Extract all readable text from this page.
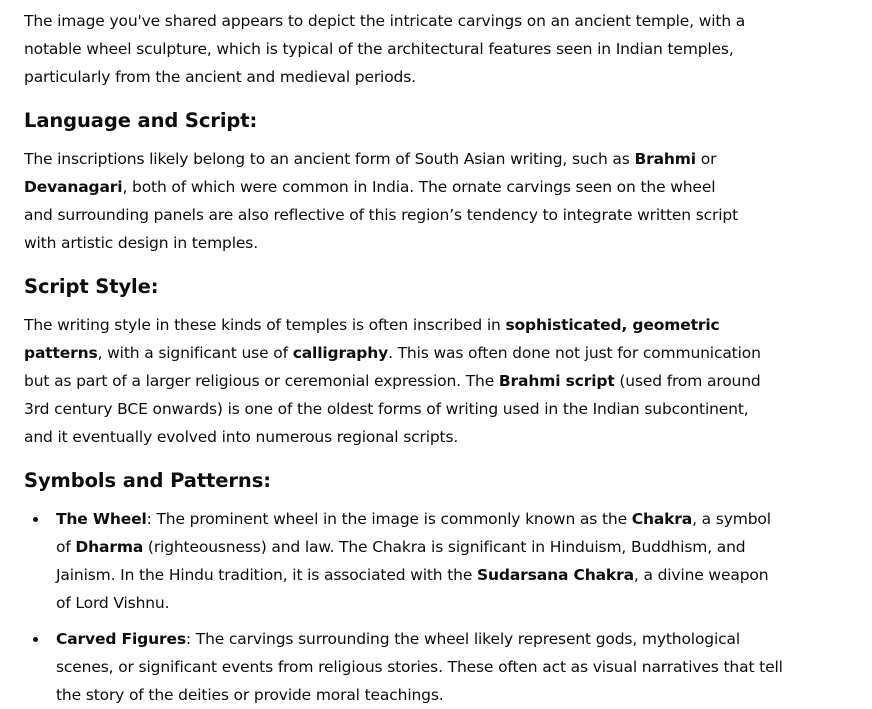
The image you've shared appears to depict the intricate carvings on an ancient temple, with a notable wheel sculpture, which is typical of the architectural features seen in Indian temples, particularly from the ancient and medieval periods.

Language and Script:

The inscriptions likely belong to an ancient form of South Asian writing, such as Brahmi or Devanagari, both of which were common in India. The ornate carvings seen on the wheel and surrounding panels are also reflective of this region’s tendency to integrate written script with artistic design in temples.

Script Style:

The writing style in these kinds of temples is often inscribed in sophisticated, geometric patterns, with a significant use of calligraphy. This was often done not just for communication but as part of a larger religious or ceremonial expression. The Brahmi script (used from around 3rd century BCE onwards) is one of the oldest forms of writing used in the Indian subcontinent, and it eventually evolved into numerous regional scripts.

Symbols and Patterns:
The Wheel: The prominent wheel in the image is commonly known as the Chakra, a symbol of Dharma (righteousness) and law. The Chakra is significant in Hinduism, Buddhism, and Jainism. In the Hindu tradition, it is associated with the Sudarsana Chakra, a divine weapon of Lord Vishnu.
Carved Figures: The carvings surrounding the wheel likely represent gods, mythological scenes, or significant events from religious stories. These often act as visual narratives that tell the story of the deities or provide moral teachings.
